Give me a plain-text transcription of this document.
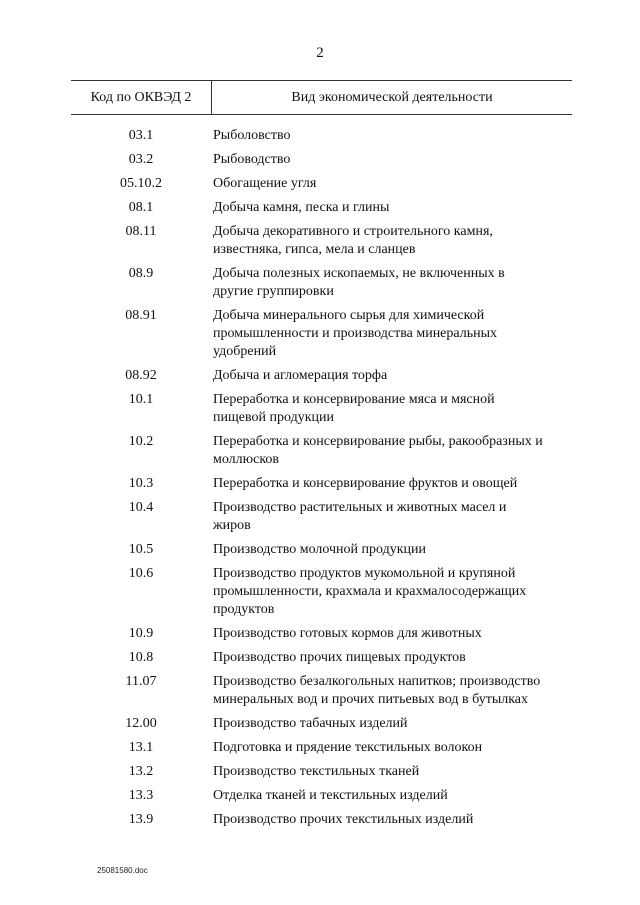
2
Код по ОКВЭД 2	Вид экономической деятельности
03.1	Рыболовство
03.2	Рыбоводство
05.10.2	Обогащение угля
08.1	Добыча камня, песка и глины
08.11	Добыча декоративного и строительного камня,
известняка, гипса, мела и сланцев
08.9	Добыча полезных ископаемых, не включенных в
другие группировки
08.91	Добыча минерального сырья для химической
промышленности и производства минеральных
удобрений
08.92	Добыча и агломерация торфа
10.1	Переработка и консервирование мяса и мясной
пищевой продукции
10.2	Переработка и консервирование рыбы, ракообразных и
моллюсков
10.3	Переработка и консервирование фруктов и овощей
10.4	Производство растительных и животных масел и
жиров
10.5	Производство молочной продукции
10.6	Производство продуктов мукомольной и крупяной
промышленности, крахмала и крахмалосодержащих
продуктов
10.9	Производство готовых кормов для животных
10.8	Производство прочих пищевых продуктов
11.07	Производство безалкогольных напитков; производство
минеральных вод и прочих питьевых вод в бутылках
12.00	Производство табачных изделий
13.1	Подготовка и прядение текстильных волокон
13.2	Производство текстильных тканей
13.3	Отделка тканей и текстильных изделий
13.9	Производство прочих текстильных изделий
25081580.doc
